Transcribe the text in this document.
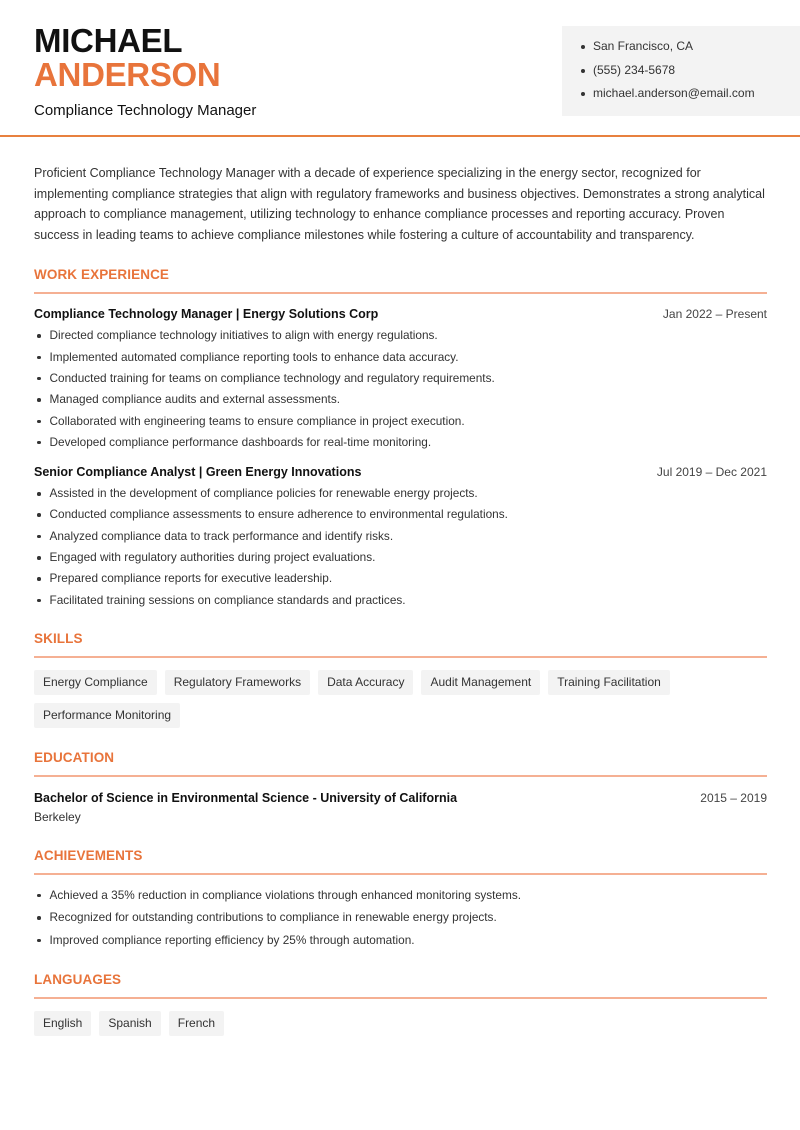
MICHAEL
ANDERSON
Compliance Technology Manager
San Francisco, CA
(555) 234-5678
michael.anderson@email.com

Proficient Compliance Technology Manager with a decade of experience specializing in the energy sector, recognized for implementing compliance strategies that align with regulatory frameworks and business objectives. Demonstrates a strong analytical approach to compliance management, utilizing technology to enhance compliance processes and reporting accuracy. Proven success in leading teams to achieve compliance milestones while fostering a culture of accountability and transparency.

WORK EXPERIENCE
Compliance Technology Manager | Energy Solutions Corp	Jan 2022 – Present
Directed compliance technology initiatives to align with energy regulations.
Implemented automated compliance reporting tools to enhance data accuracy.
Conducted training for teams on compliance technology and regulatory requirements.
Managed compliance audits and external assessments.
Collaborated with engineering teams to ensure compliance in project execution.
Developed compliance performance dashboards for real-time monitoring.
Senior Compliance Analyst | Green Energy Innovations	Jul 2019 – Dec 2021
Assisted in the development of compliance policies for renewable energy projects.
Conducted compliance assessments to ensure adherence to environmental regulations.
Analyzed compliance data to track performance and identify risks.
Engaged with regulatory authorities during project evaluations.
Prepared compliance reports for executive leadership.
Facilitated training sessions on compliance standards and practices.
SKILLS
Energy Compliance	Regulatory Frameworks	Data Accuracy	Audit Management	Training Facilitation
Performance Monitoring
EDUCATION
Bachelor of Science in Environmental Science - University of California	2015 – 2019
Berkeley
ACHIEVEMENTS
Achieved a 35% reduction in compliance violations through enhanced monitoring systems.
Recognized for outstanding contributions to compliance in renewable energy projects.
Improved compliance reporting efficiency by 25% through automation.
LANGUAGES
English	Spanish	French
